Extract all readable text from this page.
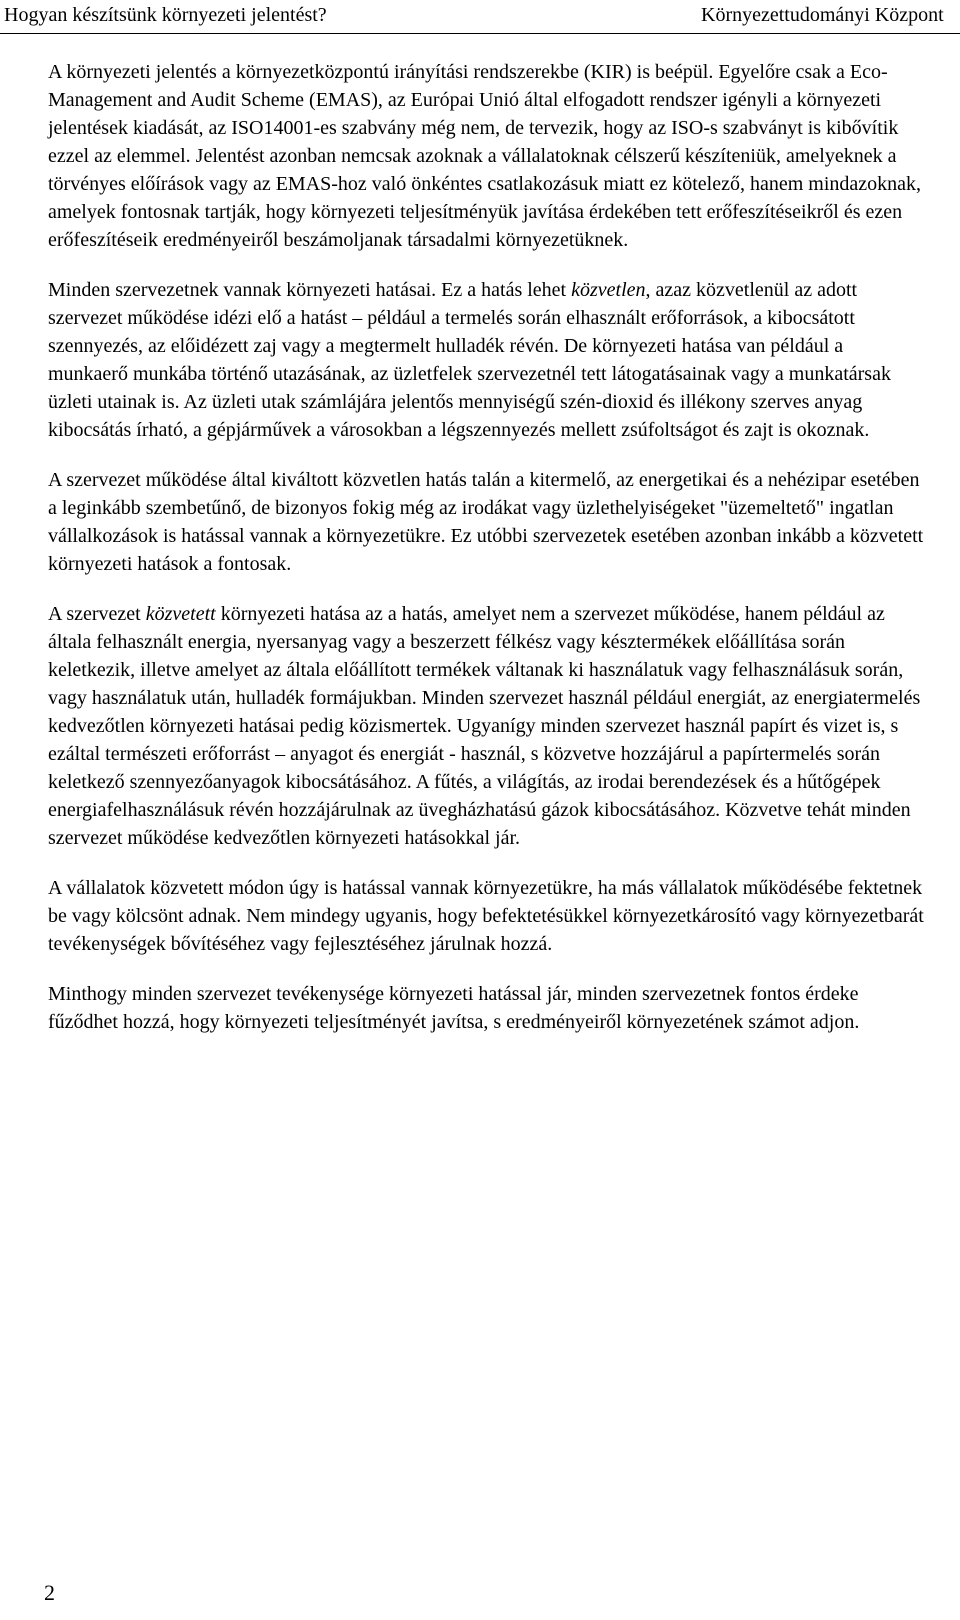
Hogyan készítsünk környezeti jelentést?	Környezettudományi Központ

A környezeti jelentés a környezetközpontú irányítási rendszerekbe (KIR) is beépül. Egyelőre csak a Eco-Management and Audit Scheme (EMAS), az Európai Unió által elfogadott rendszer igényli a környezeti jelentések kiadását, az ISO14001-es szabvány még nem, de tervezik, hogy az ISO-s szabványt is kibővítik ezzel az elemmel. Jelentést azonban nemcsak azoknak a vállalatoknak célszerű készíteniük, amelyeknek a törvényes előírások vagy az EMAS-hoz való önkéntes csatlakozásuk miatt ez kötelező, hanem mindazoknak, amelyek fontosnak tartják, hogy környezeti teljesítményük javítása érdekében tett erőfeszítéseikről és ezen erőfeszítéseik eredményeiről beszámoljanak társadalmi környezetüknek.

Minden szervezetnek vannak környezeti hatásai. Ez a hatás lehet közvetlen, azaz közvetlenül az adott szervezet működése idézi elő a hatást – például a termelés során elhasznált erőforrások, a kibocsátott szennyezés, az előidézett zaj vagy a megtermelt hulladék révén. De környezeti hatása van például a munkaerő munkába történő utazásának, az üzletfelek szervezetnél tett látogatásainak vagy a munkatársak üzleti utainak is. Az üzleti utak számlájára jelentős mennyiségű szén-dioxid és illékony szerves anyag kibocsátás írható, a gépjárművek a városokban a légszennyezés mellett zsúfoltságot és zajt is okoznak.

A szervezet működése által kiváltott közvetlen hatás talán a kitermelő, az energetikai és a nehézipar esetében a leginkább szembetűnő, de bizonyos fokig még az irodákat vagy üzlethelyiségeket "üzemeltető" ingatlan vállalkozások is hatással vannak a környezetükre. Ez utóbbi szervezetek esetében azonban inkább a közvetett környezeti hatások a fontosak.

A szervezet közvetett környezeti hatása az a hatás, amelyet nem a szervezet működése, hanem például az általa felhasznált energia, nyersanyag vagy a beszerzett félkész vagy késztermékek előállítása során keletkezik, illetve amelyet az általa előállított termékek váltanak ki használatuk vagy felhasználásuk során, vagy használatuk után, hulladék formájukban. Minden szervezet használ például energiát, az energiatermelés kedvezőtlen környezeti hatásai pedig közismertek. Ugyanígy minden szervezet használ papírt és vizet is, s ezáltal természeti erőforrást – anyagot és energiát - használ, s közvetve hozzájárul a papírtermelés során keletkező szennyezőanyagok kibocsátásához. A fűtés, a világítás, az irodai berendezések és a hűtőgépek energiafelhasználásuk révén hozzájárulnak az üvegházhatású gázok kibocsátásához. Közvetve tehát minden szervezet működése kedvezőtlen környezeti hatásokkal jár.

A vállalatok közvetett módon úgy is hatással vannak környezetükre, ha más vállalatok működésébe fektetnek be vagy kölcsönt adnak. Nem mindegy ugyanis, hogy befektetésükkel környezetkárosító vagy környezetbarát tevékenységek bővítéséhez vagy fejlesztéséhez járulnak hozzá.

Minthogy minden szervezet tevékenysége környezeti hatással jár, minden szervezetnek fontos érdeke fűződhet hozzá, hogy környezeti teljesítményét javítsa, s eredményeiről környezetének számot adjon.

2
